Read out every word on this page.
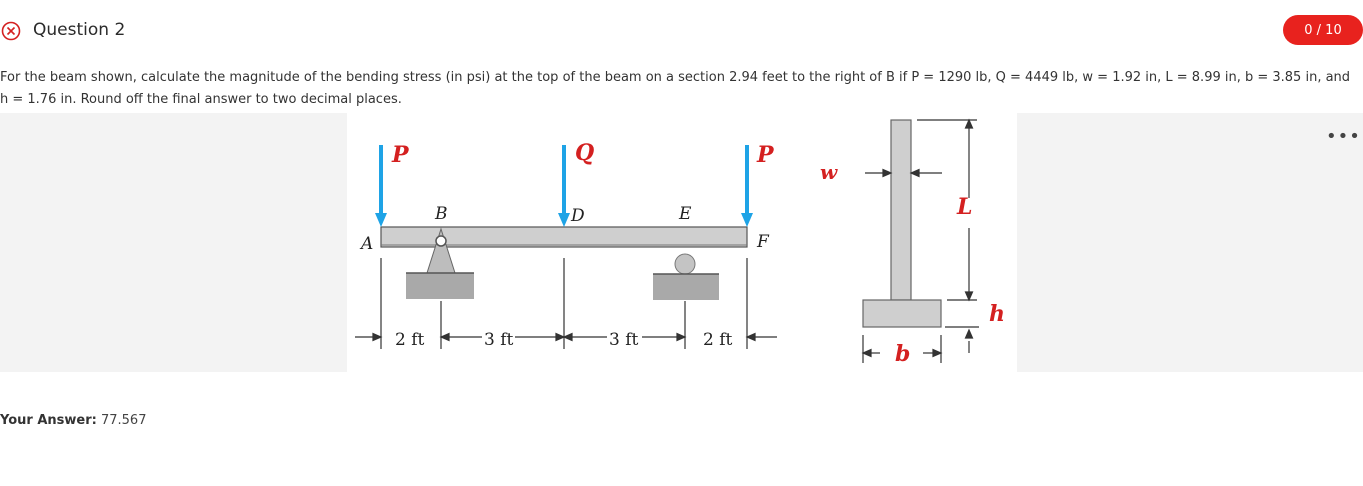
Question 2	0 / 10
For the beam shown, calculate the magnitude of the bending stress (in psi) at the top of the beam on a section 2.94 feet to the right of B if P = 1290 lb, Q = 4449 lb, w = 1.92 in, L = 8.99 in, b = 3.85 in, and h = 1.76 in. Round off the final answer to two decimal places.
•••
P	Q	P
A
B	D	E
F
2 ft	3 ft	3 ft	2 ft
w
L
h
b
Your Answer: 77.567
